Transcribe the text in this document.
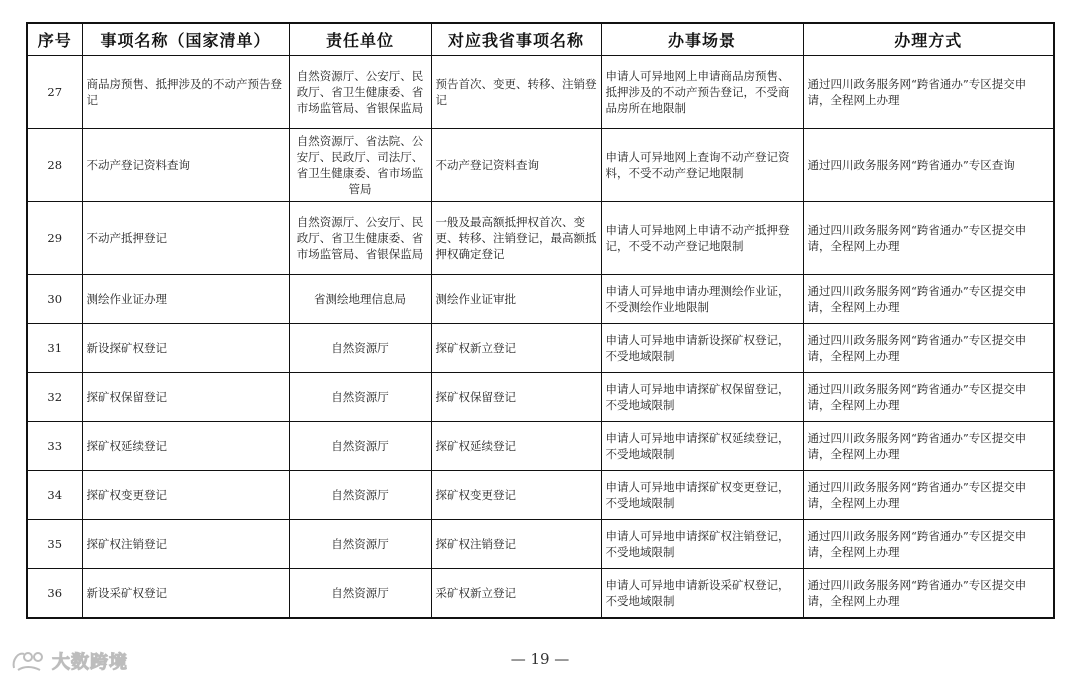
序号	事项名称（国家清单）	责任单位	对应我省事项名称	办事场景	办理方式
27	商品房预售、抵押涉及的不动产预告登记	自然资源厅、公安厅、民政厅、省卫生健康委、省市场监管局、省银保监局	预告首次、变更、转移、注销登记	申请人可异地网上申请商品房预售、抵押涉及的不动产预告登记，不受商品房所在地限制	通过四川政务服务网“跨省通办”专区提交申请，全程网上办理
28	不动产登记资料查询	自然资源厅、省法院、公安厅、民政厅、司法厅、省卫生健康委、省市场监管局	不动产登记资料查询	申请人可异地网上查询不动产登记资料，不受不动产登记地限制	通过四川政务服务网“跨省通办”专区查询
29	不动产抵押登记	自然资源厅、公安厅、民政厅、省卫生健康委、省市场监管局、省银保监局	一般及最高额抵押权首次、变更、转移、注销登记，最高额抵押权确定登记	申请人可异地网上申请不动产抵押登记，不受不动产登记地限制	通过四川政务服务网“跨省通办”专区提交申请，全程网上办理
30	测绘作业证办理	省测绘地理信息局	测绘作业证审批	申请人可异地申请办理测绘作业证，不受测绘作业地限制	通过四川政务服务网“跨省通办”专区提交申请，全程网上办理
31	新设探矿权登记	自然资源厅	探矿权新立登记	申请人可异地申请新设探矿权登记，不受地域限制	通过四川政务服务网“跨省通办”专区提交申请，全程网上办理
32	探矿权保留登记	自然资源厅	探矿权保留登记	申请人可异地申请探矿权保留登记，不受地域限制	通过四川政务服务网“跨省通办”专区提交申请，全程网上办理
33	探矿权延续登记	自然资源厅	探矿权延续登记	申请人可异地申请探矿权延续登记，不受地域限制	通过四川政务服务网“跨省通办”专区提交申请，全程网上办理
34	探矿权变更登记	自然资源厅	探矿权变更登记	申请人可异地申请探矿权变更登记，不受地域限制	通过四川政务服务网“跨省通办”专区提交申请，全程网上办理
35	探矿权注销登记	自然资源厅	探矿权注销登记	申请人可异地申请探矿权注销登记，不受地域限制	通过四川政务服务网“跨省通办”专区提交申请，全程网上办理
36	新设采矿权登记	自然资源厅	采矿权新立登记	申请人可异地申请新设采矿权登记，不受地域限制	通过四川政务服务网“跨省通办”专区提交申请，全程网上办理
大数跨境	— 19 —
